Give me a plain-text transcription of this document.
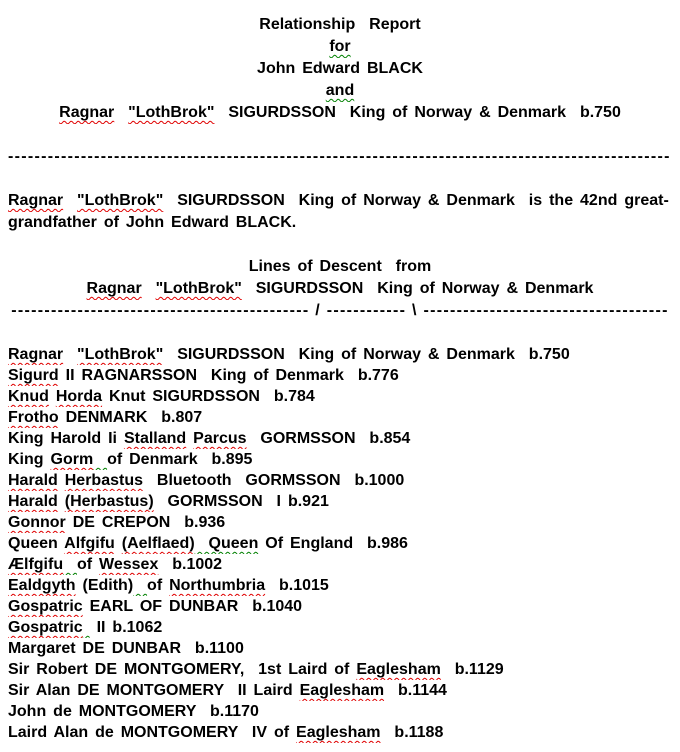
Relationship  Report
for
John Edward BLACK
and
Ragnar "LothBrok"  SIGURDSSON  King of Norway & Denmark  b.750
----------------------------------------------------------------------------------------------------
Ragnar "LothBrok"  SIGURDSSON  King of Norway & Denmark  is the 42nd great-
grandfather of John Edward BLACK.
Lines of Descent  from
Ragnar "LothBrok"  SIGURDSSON  King of Norway & Denmark
--------------------------------------------- / ------------ \ -------------------------------------
Ragnar "LothBrok"  SIGURDSSON  King of Norway & Denmark  b.750
Sigurd II RAGNARSSON  King of Denmark  b.776
Knud Horda Knut SIGURDSSON  b.784
Frotho DENMARK  b.807
King Harold Ii Stalland Parcus  GORMSSON  b.854
King Gorm of Denmark  b.895
Harald Herbastus  Bluetooth  GORMSSON  b.1000
Harald (Herbastus)  GORMSSON  I b.921
Gonnor DE CREPON  b.936
Queen Alfgifu (Aelflaed)  Queen Of England  b.986
Ælfgifu of Wessex  b.1002
Ealdgyth (Edith) of Northumbria  b.1015
Gospatric EARL OF DUNBAR  b.1040
Gospatric  II b.1062
Margaret DE DUNBAR  b.1100
Sir Robert DE MONTGOMERY,  1st Laird of Eaglesham  b.1129
Sir Alan DE MONTGOMERY  II Laird Eaglesham  b.1144
John de MONTGOMERY  b.1170
Laird Alan de MONTGOMERY  IV of Eaglesham  b.1188
